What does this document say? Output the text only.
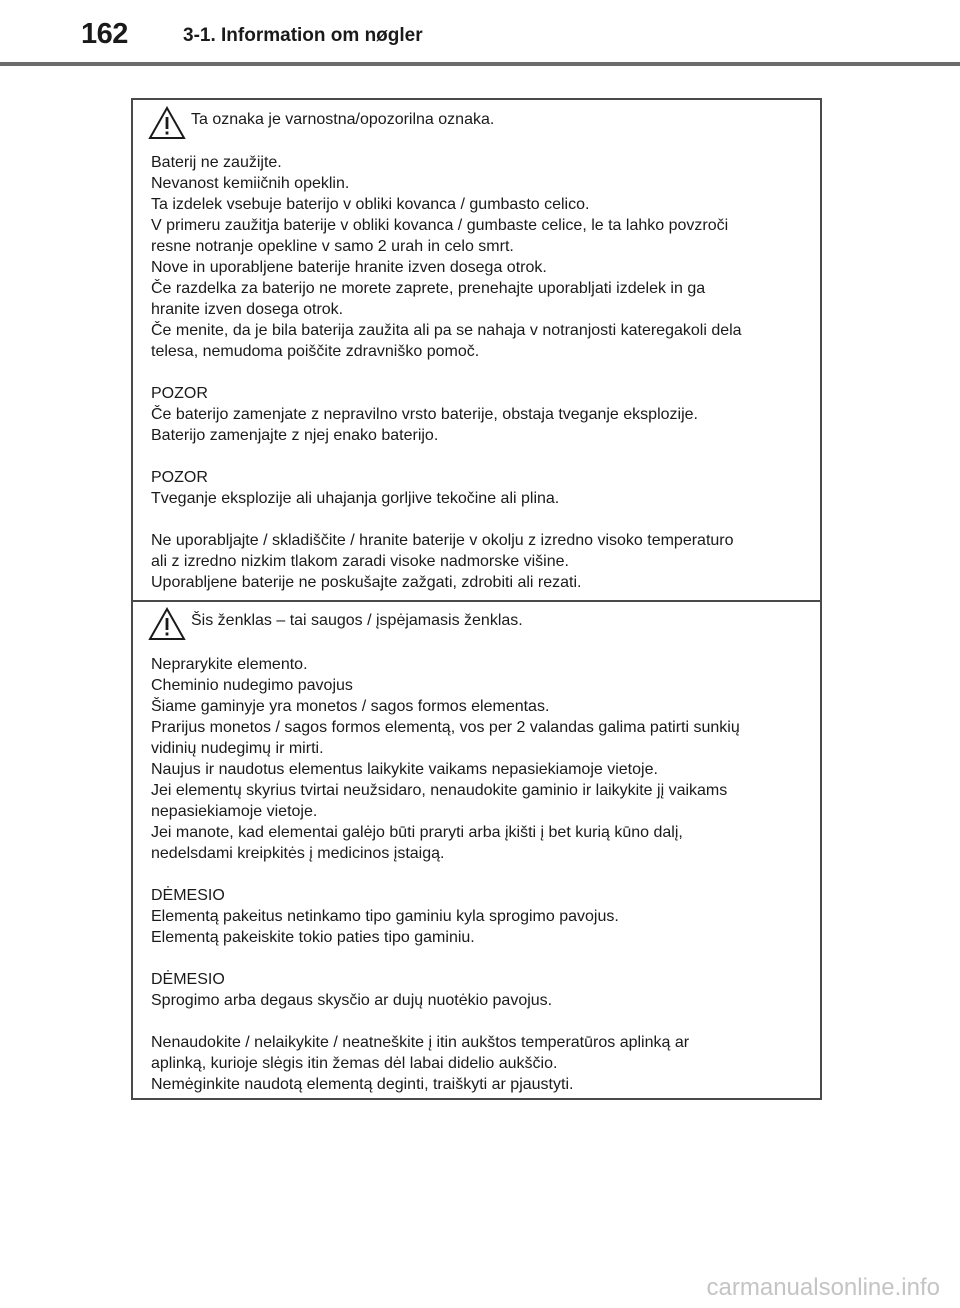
162	3-1. Information om nøgler
Ta oznaka je varnostna/opozorilna oznaka.
Baterij ne zaužijte.
Nevanost kemiičnih opeklin.
Ta izdelek vsebuje baterijo v obliki kovanca / gumbasto celico.
V primeru zaužitja baterije v obliki kovanca / gumbaste celice, le ta lahko povzroči
resne notranje opekline v samo 2 urah in celo smrt.
Nove in uporabljene baterije hranite izven dosega otrok.
Če razdelka za baterijo ne morete zaprete, prenehajte uporabljati izdelek in ga
hranite izven dosega otrok.
Če menite, da je bila baterija zaužita ali pa se nahaja v notranjosti kateregakoli dela
telesa, nemudoma poiščite zdravniško pomoč.
POZOR
Če baterijo zamenjate z nepravilno vrsto baterije, obstaja tveganje eksplozije.
Baterijo zamenjajte z njej enako baterijo.
POZOR
Tveganje eksplozije ali uhajanja gorljive tekočine ali plina.
Ne uporabljajte / skladiščite / hranite baterije v okolju z izredno visoko temperaturo
ali z izredno nizkim tlakom zaradi visoke nadmorske višine.
Uporabljene baterije ne poskušajte zažgati, zdrobiti ali rezati.
Šis ženklas – tai saugos / įspėjamasis ženklas.
Neprarykite elemento.
Cheminio nudegimo pavojus
Šiame gaminyje yra monetos / sagos formos elementas.
Prarijus monetos / sagos formos elementą, vos per 2 valandas galima patirti sunkių
vidinių nudegimų ir mirti.
Naujus ir naudotus elementus laikykite vaikams nepasiekiamoje vietoje.
Jei elementų skyrius tvirtai neužsidaro, nenaudokite gaminio ir laikykite jį vaikams
nepasiekiamoje vietoje.
Jei manote, kad elementai galėjo būti praryti arba įkišti į bet kurią kūno dalį,
nedelsdami kreipkitės į medicinos įstaigą.
DĖMESIO
Elementą pakeitus netinkamo tipo gaminiu kyla sprogimo pavojus.
Elementą pakeiskite tokio paties tipo gaminiu.
DĖMESIO
Sprogimo arba degaus skysčio ar dujų nuotėkio pavojus.
Nenaudokite / nelaikykite / neatneškite į itin aukštos temperatūros aplinką ar
aplinką, kurioje slėgis itin žemas dėl labai didelio aukščio.
Nemėginkite naudotą elementą deginti, traiškyti ar pjaustyti.
carmanualsonline.info
